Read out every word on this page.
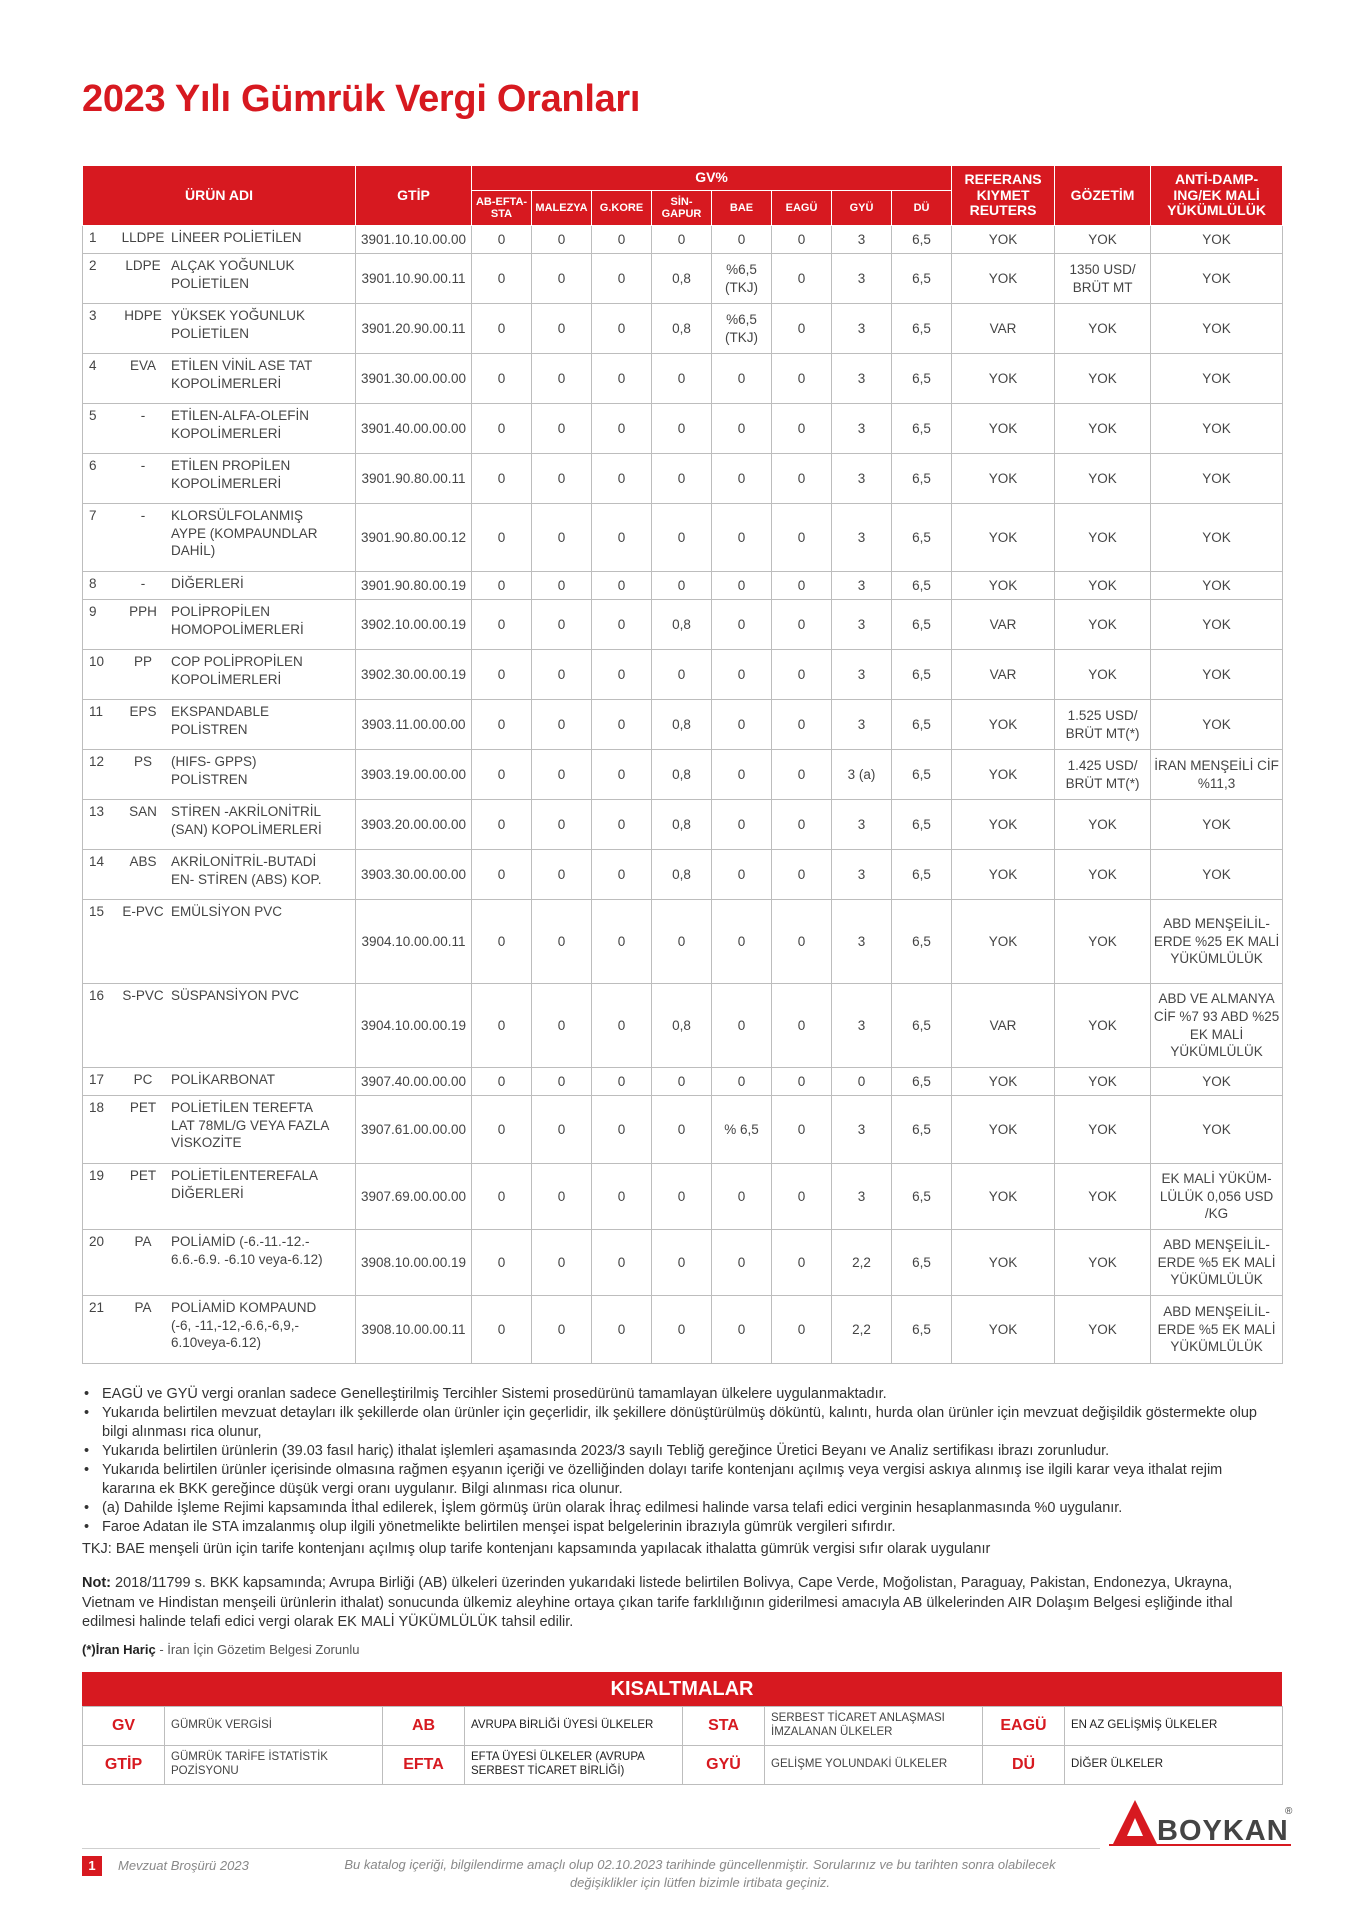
2023 Yılı Gümrük Vergi Oranları
ÜRÜN ADI	GTİP	GV%								REFERANS KIYMET REUTERS	GÖZETİM	ANTİ-DAMP-ING/EK MALİ YÜKÜMLÜLÜK
		AB-EFTA-STA	MALEZYA	G.KORE	SİN-GAPUR	BAE	EAGÜ	GYÜ	DÜ			
1 LLDPE LİNEER POLİETİLEN	3901.10.10.00.00	0	0	0	0	0	0	3	6,5	YOK	YOK	YOK
2 LDPE ALÇAK YOĞUNLUK POLİETİLEN	3901.10.90.00.11	0	0	0	0,8	%6,5 (TKJ)	0	3	6,5	YOK	1350 USD/ BRÜT MT	YOK
3 HDPE YÜKSEK YOĞUNLUK POLİETİLEN	3901.20.90.00.11	0	0	0	0,8	%6,5 (TKJ)	0	3	6,5	VAR	YOK	YOK
4 EVA ETİLEN VİNİL ASE TAT KOPOLİMERLERİ	3901.30.00.00.00	0	0	0	0	0	0	3	6,5	YOK	YOK	YOK
5 - ETİLEN-ALFA-OLEFİN KOPOLİMERLERİ	3901.40.00.00.00	0	0	0	0	0	0	3	6,5	YOK	YOK	YOK
6 - ETİLEN PROPİLEN KOPOLİMERLERİ	3901.90.80.00.11	0	0	0	0	0	0	3	6,5	YOK	YOK	YOK
7 - KLORSÜLFOLANMIŞ AYPE (KOMPAUNDLAR DAHİL)	3901.90.80.00.12	0	0	0	0	0	0	3	6,5	YOK	YOK	YOK
8 - DİĞERLERİ	3901.90.80.00.19	0	0	0	0	0	0	3	6,5	YOK	YOK	YOK
9 PPH POLİPROPİLEN HOMOPOLİMERLERİ	3902.10.00.00.19	0	0	0	0,8	0	0	3	6,5	VAR	YOK	YOK
10 PP COP POLİPROPİLEN KOPOLİMERLERİ	3902.30.00.00.19	0	0	0	0	0	0	3	6,5	VAR	YOK	YOK
11 EPS EKSPANDABLE POLİSTREN	3903.11.00.00.00	0	0	0	0,8	0	0	3	6,5	YOK	1.525 USD/ BRÜT MT(*)	YOK
12 PS (HIFS- GPPS) POLİSTREN	3903.19.00.00.00	0	0	0	0,8	0	0	3 (a)	6,5	YOK	1.425 USD/ BRÜT MT(*)	İRAN MENŞEİLİ CİF %11,3
13 SAN STİREN -AKRİLONİTRİL (SAN) KOPOLİMERLERİ	3903.20.00.00.00	0	0	0	0,8	0	0	3	6,5	YOK	YOK	YOK
14 ABS AKRİLONİTRİL-BUTADİ EN- STİREN (ABS) KOP.	3903.30.00.00.00	0	0	0	0,8	0	0	3	6,5	YOK	YOK	YOK
15 E-PVC EMÜLSİYON PVC	3904.10.00.00.11	0	0	0	0	0	0	3	6,5	YOK	YOK	ABD MENŞEİLİL-ERDE %25 EK MALİ YÜKÜMLÜLÜK
16 S-PVC SÜSPANSİYON PVC	3904.10.00.00.19	0	0	0	0,8	0	0	3	6,5	VAR	YOK	ABD VE ALMANYA CİF %7 93 ABD %25 EK MALİ YÜKÜMLÜLÜK
17 PC POLİKARBONAT	3907.40.00.00.00	0	0	0	0	0	0	0	6,5	YOK	YOK	YOK
18 PET POLİETİLEN TEREFTA LAT 78ML/G VEYA FAZLA VİSKOZİTE	3907.61.00.00.00	0	0	0	0	% 6,5	0	3	6,5	YOK	YOK	YOK
19 PET POLİETİLENTEREFALA DİĞERLERİ	3907.69.00.00.00	0	0	0	0	0	0	3	6,5	YOK	YOK	EK MALİ YÜKÜM-LÜLÜK 0,056 USD /KG
20 PA POLİAMİD (-6.-11.-12.- 6.6.-6.9. -6.10 veya-6.12)	3908.10.00.00.19	0	0	0	0	0	0	2,2	6,5	YOK	YOK	ABD MENŞEİLİL-ERDE %5 EK MALİ YÜKÜMLÜLÜK
21 PA POLİAMİD KOMPAUND (-6, -11,-12,-6.6,-6,9,- 6.10veya-6.12)	3908.10.00.00.11	0	0	0	0	0	0	2,2	6,5	YOK	YOK	ABD MENŞEİLİL-ERDE %5 EK MALİ YÜKÜMLÜLÜK
• EAGÜ ve GYÜ vergi oranlan sadece Genelleştirilmiş Tercihler Sistemi prosedürünü tamamlayan ülkelere uygulanmaktadır.
• Yukarıda belirtilen mevzuat detayları ilk şekillerde olan ürünler için geçerlidir, ilk şekillere dönüştürülmüş döküntü, kalıntı, hurda olan ürünler için mevzuat değişildik göstermekte olup bilgi alınması rica olunur,
• Yukarıda belirtilen ürünlerin (39.03 fasıl hariç) ithalat işlemleri aşamasında 2023/3 sayılı Tebliğ gereğince Üretici Beyanı ve Analiz sertifikası ibrazı zorunludur.
• Yukarıda belirtilen ürünler içerisinde olmasına rağmen eşyanın içeriği ve özelliğinden dolayı tarife kontenjanı açılmış veya vergisi askıya alınmış ise ilgili karar veya ithalat rejim kararına ek BKK gereğince düşük vergi oranı uygulanır. Bilgi alınması rica olunur.
• (a) Dahilde İşleme Rejimi kapsamında İthal edilerek, İşlem görmüş ürün olarak İhraç edilmesi halinde varsa telafi edici verginin hesaplanmasında %0 uygulanır.
• Faroe Adatan ile STA imzalanmış olup ilgili yönetmelikte belirtilen menşei ispat belgelerinin ibrazıyla gümrük vergileri sıfırdır.
TKJ: BAE menşeli ürün için tarife kontenjanı açılmış olup tarife kontenjanı kapsamında yapılacak ithalatta gümrük vergisi sıfır olarak uygulanır

Not: 2018/11799 s. BKK kapsamında; Avrupa Birliği (AB) ülkeleri üzerinden yukarıdaki listede belirtilen Bolivya, Cape Verde, Moğolistan, Paraguay, Pakistan, Endonezya, Ukrayna, Vietnam ve Hindistan menşeili ürünlerin ithalat) sonucunda ülkemiz aleyhine ortaya çıkan tarife farklılığının giderilmesi amacıyla AB ülkelerinden AIR Dolaşım Belgesi eşliğinde ithal edilmesi halinde telafi edici vergi olarak EK MALİ YÜKÜMLÜLÜK tahsil edilir.

(*)İran Hariç - İran İçin Gözetim Belgesi Zorunlu
KISALTMALAR
GV	GÜMRÜK VERGİSİ	AB	AVRUPA BİRLİĞİ ÜYESİ ÜLKELER	STA	SERBEST TİCARET ANLAŞMASI İMZALANAN ÜLKELER	EAGÜ	EN AZ GELİŞMİŞ ÜLKELER
GTİP	GÜMRÜK TARİFE İSTATİSTİK POZİSYONU	EFTA	EFTA ÜYESİ ÜLKELER (AVRUPA SERBEST TİCARET BİRLİĞİ)	GYÜ	GELİŞME YOLUNDAKİ ÜLKELER	DÜ	DİĞER ÜLKELER
BOYKAN
®
1	Mevzuat Broşürü 2023	Bu katalog içeriği, bilgilendirme amaçlı olup 02.10.2023 tarihinde güncellenmiştir. Sorularınız ve bu tarihten sonra olabilecek değişiklikler için lütfen bizimle irtibata geçiniz.
